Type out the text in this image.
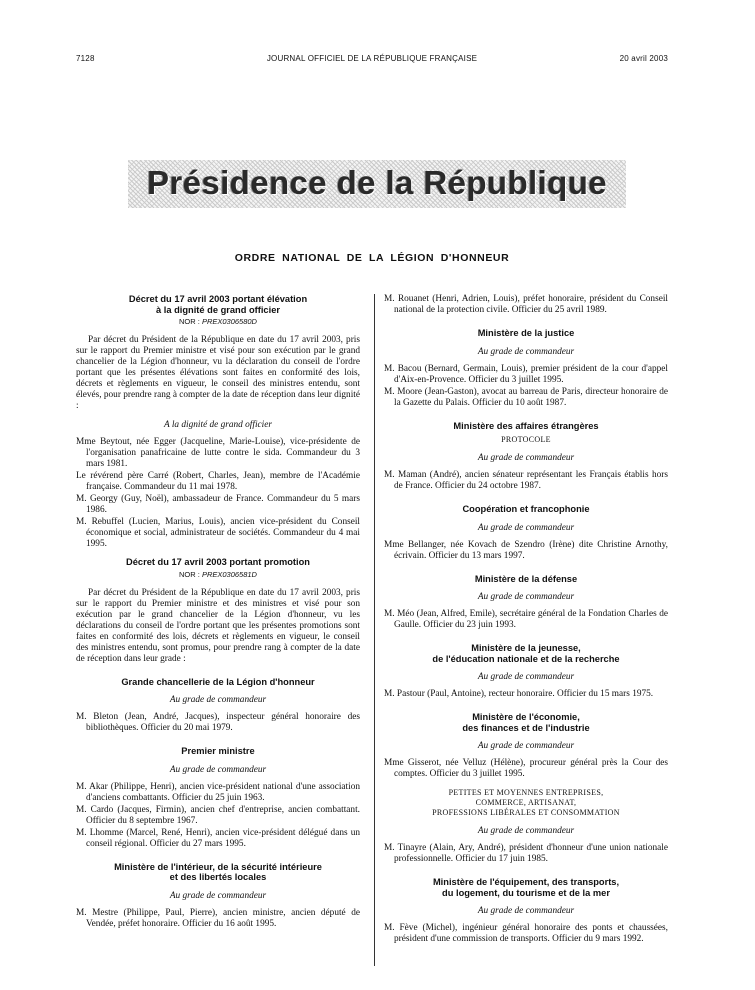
7128	JOURNAL OFFICIEL DE LA RÉPUBLIQUE FRANÇAISE	20 avril 2003
Présidence de la République
ORDRE NATIONAL DE LA LÉGION D'HONNEUR

Décret du 17 avril 2003 portant élévation

à la dignité de grand officier

NOR : PREX0306580D

Par décret du Président de la République en date du 17 avril 2003, pris sur le rapport du Premier ministre et visé pour son exécution par le grand chancelier de la Légion d'honneur, vu la déclaration du conseil de l'ordre portant que les présentes élévations sont faites en conformité des lois, décrets et règlements en vigueur, le conseil des ministres entendu, sont élevés, pour prendre rang à compter de la date de réception dans leur dignité :

A la dignité de grand officier

Mme Beytout, née Egger (Jacqueline, Marie-Louise), vice-présidente de l'organisation panafricaine de lutte contre le sida. Commandeur du 3 mars 1981.

Le révérend père Carré (Robert, Charles, Jean), membre de l'Académie française. Commandeur du 11 mai 1978.

M. Georgy (Guy, Noël), ambassadeur de France. Commandeur du 5 mars 1986.

M. Rebuffel (Lucien, Marius, Louis), ancien vice-président du Conseil économique et social, administrateur de sociétés. Commandeur du 4 mai 1995.

Décret du 17 avril 2003 portant promotion

NOR : PREX0306581D

Par décret du Président de la République en date du 17 avril 2003, pris sur le rapport du Premier ministre et des ministres et visé pour son exécution par le grand chancelier de la Légion d'honneur, vu les déclarations du conseil de l'ordre portant que les présentes promotions sont faites en conformité des lois, décrets et règlements en vigueur, le conseil des ministres entendu, sont promus, pour prendre rang à compter de la date de réception dans leur grade :

Grande chancellerie de la Légion d'honneur

Au grade de commandeur

M. Bleton (Jean, André, Jacques), inspecteur général honoraire des bibliothèques. Officier du 20 mai 1979.

Premier ministre

Au grade de commandeur

M. Akar (Philippe, Henri), ancien vice-président national d'une association d'anciens combattants. Officier du 25 juin 1963.

M. Cardo (Jacques, Firmin), ancien chef d'entreprise, ancien combattant. Officier du 8 septembre 1967.

M. Lhomme (Marcel, René, Henri), ancien vice-président délégué dans un conseil régional. Officier du 27 mars 1995.

Ministère de l'intérieur, de la sécurité intérieure

et des libertés locales

Au grade de commandeur

M. Mestre (Philippe, Paul, Pierre), ancien ministre, ancien député de Vendée, préfet honoraire. Officier du 16 août 1995.

M. Rouanet (Henri, Adrien, Louis), préfet honoraire, président du Conseil national de la protection civile. Officier du 25 avril 1989.

Ministère de la justice

Au grade de commandeur

M. Bacou (Bernard, Germain, Louis), premier président de la cour d'appel d'Aix-en-Provence. Officier du 3 juillet 1995.

M. Moore (Jean-Gaston), avocat au barreau de Paris, directeur honoraire de la Gazette du Palais. Officier du 10 août 1987.

Ministère des affaires étrangères

PROTOCOLE

Au grade de commandeur

M. Maman (André), ancien sénateur représentant les Français établis hors de France. Officier du 24 octobre 1987.

Coopération et francophonie

Au grade de commandeur

Mme Bellanger, née Kovach de Szendro (Irène) dite Christine Arnothy, écrivain. Officier du 13 mars 1997.

Ministère de la défense

Au grade de commandeur

M. Méo (Jean, Alfred, Emile), secrétaire général de la Fondation Charles de Gaulle. Officier du 23 juin 1993.

Ministère de la jeunesse,

de l'éducation nationale et de la recherche

Au grade de commandeur

M. Pastour (Paul, Antoine), recteur honoraire. Officier du 15 mars 1975.

Ministère de l'économie,

des finances et de l'industrie

Au grade de commandeur

Mme Gisserot, née Velluz (Hélène), procureur général près la Cour des comptes. Officier du 3 juillet 1995.

PETITES ET MOYENNES ENTREPRISES,

COMMERCE, ARTISANAT,

PROFESSIONS LIBÉRALES ET CONSOMMATION

Au grade de commandeur

M. Tinayre (Alain, Ary, André), président d'honneur d'une union nationale professionnelle. Officier du 17 juin 1985.

Ministère de l'équipement, des transports,

du logement, du tourisme et de la mer

Au grade de commandeur

M. Fève (Michel), ingénieur général honoraire des ponts et chaussées, président d'une commission de transports. Officier du 9 mars 1992.
